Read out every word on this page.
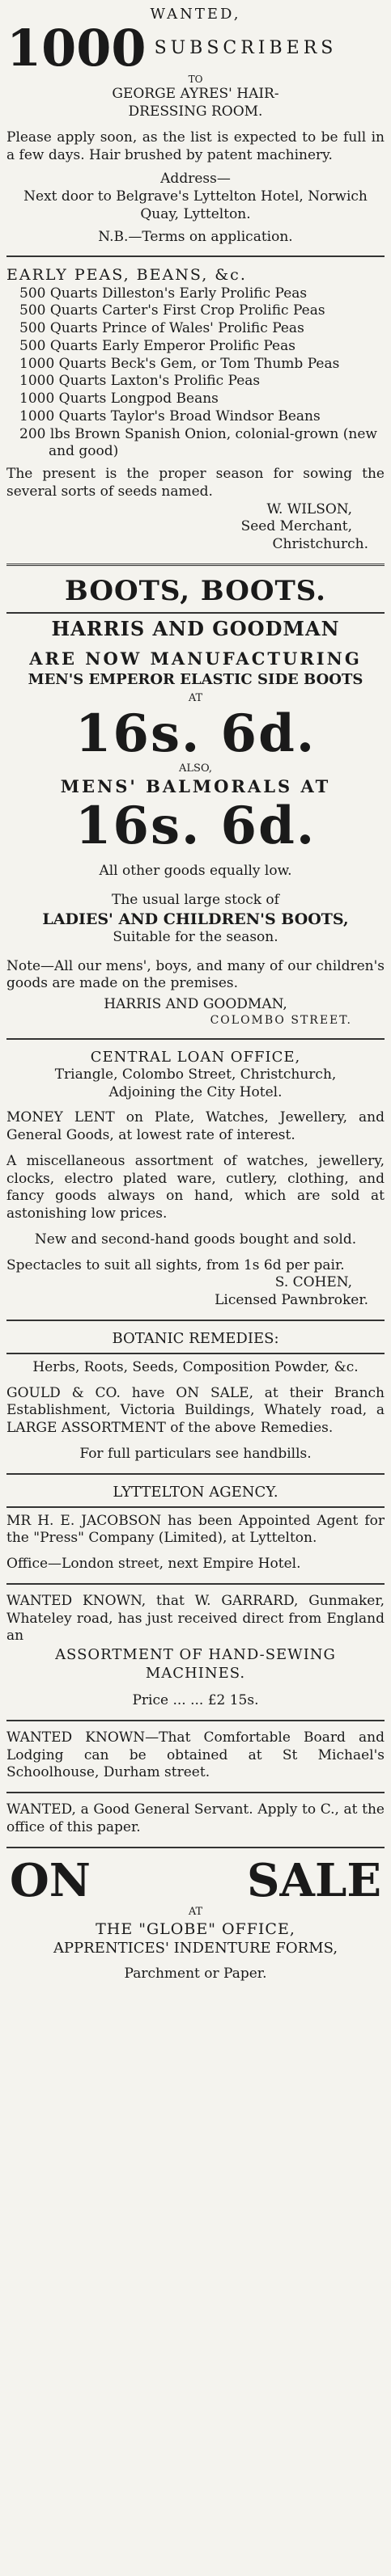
WANTED,
1000 SUBSCRIBERS
TO
GEORGE AYRES' HAIR-DRESSING ROOM.
Please apply soon, as the list is expected to be full in a few days. Hair brushed by patent machinery.
Address—
Next door to Belgrave's Lyttelton Hotel, Norwich Quay, Lyttelton.
N.B.—Terms on application.
EARLY PEAS, BEANS, &c.
500 Quarts Dilleston's Early Prolific Peas
500 Quarts Carter's First Crop Prolific Peas
500 Quarts Prince of Wales' Prolific Peas
500 Quarts Early Emperor Prolific Peas
1000 Quarts Beck's Gem, or Tom Thumb Peas
1000 Quarts Laxton's Prolific Peas
1000 Quarts Longpod Beans
1000 Quarts Taylor's Broad Windsor Beans
200 lbs Brown Spanish Onion, colonial-grown (new and good)
The present is the proper season for sowing the several sorts of seeds named.
W. WILSON,
Seed Merchant,
Christchurch.
BOOTS, BOOTS.
HARRIS AND GOODMAN
ARE NOW MANUFACTURING
MEN'S EMPEROR ELASTIC SIDE BOOTS
AT
16s. 6d.
ALSO,
MENS' BALMORALS AT
16s. 6d.
All other goods equally low.
The usual large stock of
LADIES' AND CHILDREN'S BOOTS,
Suitable for the season.
Note—All our mens', boys, and many of our children's goods are made on the premises.
HARRIS AND GOODMAN,
COLOMBO STREET.
CENTRAL LOAN OFFICE,
Triangle, Colombo Street, Christchurch,
Adjoining the City Hotel.
MONEY LENT on Plate, Watches, Jewellery, and General Goods, at lowest rate of interest.
A miscellaneous assortment of watches, jewellery, clocks, electro plated ware, cutlery, clothing, and fancy goods always on hand, which are sold at astonishing low prices.
New and second-hand goods bought and sold.
Spectacles to suit all sights, from 1s 6d per pair.
S. COHEN,
Licensed Pawnbroker.
BOTANIC REMEDIES:
Herbs, Roots, Seeds, Composition Powder, &c.
GOULD & CO. have ON SALE, at their Branch Establishment, Victoria Buildings, Whately road, a LARGE ASSORTMENT of the above Remedies.
For full particulars see handbills.
LYTTELTON AGENCY.
MR H. E. JACOBSON has been Appointed Agent for the "Press" Company (Limited), at Lyttelton.
Office—London street, next Empire Hotel.
WANTED KNOWN, that W. GARRARD, Gunmaker, Whateley road, has just received direct from England an
ASSORTMENT OF HAND-SEWING
MACHINES.
Price ... ... £2 15s.
WANTED KNOWN—That Comfortable Board and Lodging can be obtained at St Michael's Schoolhouse, Durham street.
WANTED, a Good General Servant. Apply to C., at the office of this paper.
ON	SALE
AT
THE "GLOBE" OFFICE,
APPRENTICES' INDENTURE FORMS,
Parchment or Paper.
